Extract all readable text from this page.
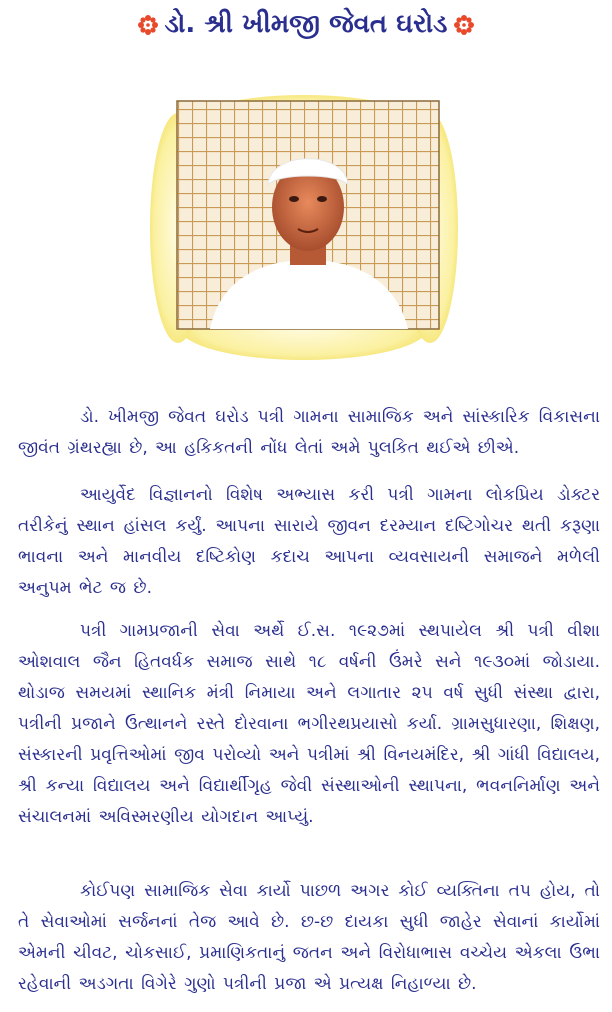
ડો. શ્રી ખીમજી જેવત ઘરોડ

ડો. ખીમજી જેવત ઘરોડ પત્રી ગામના સામાજિક અને સાંસ્કારિક વિકાસના જીવંત ગ્રંથરહ્યા છે, આ હકિકતની નોંધ લેતાં અમે પુલકિત થઈએ છીએ.

આયુર્વેદ વિજ્ઞાનનો વિશેષ અભ્યાસ કરી પત્રી ગામના લોકપ્રિય ડોક્ટર તરીકેનું સ્થાન હાંસલ કર્યું. આપના સારાયે જીવન દરમ્યાન દષ્ટિગોચર થતી કરૂણા ભાવના અને માનવીય દષ્ટિકોણ કદાચ આપના વ્યવસાયની સમાજને મળેલી અનુપમ ભેટ જ છે.

પત્રી ગામપ્રજાની સેવા અર્થે ઈ.સ. ૧૯૨૭માં સ્થપાયેલ શ્રી પત્રી વીશા ઓશવાલ જૈન હિતવર્ધક સમાજ સાથે ૧૮ વર્ષની ઉંમરે સને ૧૯૩૦માં જોડાયા. થોડાજ સમયમાં સ્થાનિક મંત્રી નિમાયા અને લગાતાર ૨૫ વર્ષ સુધી સંસ્થા દ્વારા, પત્રીની પ્રજાને ઉત્થાનને રસ્તે દોરવાના ભગીરથપ્રયાસો કર્યા. ગ્રામસુધારણા, શિક્ષણ, સંસ્કારની પ્રવૃત્તિઓમાં જીવ પરોવ્યો અને પત્રીમાં શ્રી વિનયમંદિર, શ્રી ગાંધી વિદ્યાલય, શ્રી કન્યા વિદ્યાલય અને વિદ્યાર્થીગૃહ જેવી સંસ્થાઓની સ્થાપના, ભવનનિર્માણ અને સંચાલનમાં અવિસ્મરણીય યોગદાન આપ્યું.

કોઈપણ સામાજિક સેવા કાર્યો પાછળ અગર કોઈ વ્યક્તિના તપ હોય, તો તે સેવાઓમાં સર્જનનાં તેજ આવે છે. છ-છ દાયકા સુધી જાહેર સેવાનાં કાર્યોમાં એમની ચીવટ, ચોકસાઈ, પ્રમાણિકતાનું જતન અને વિરોધાભાસ વચ્ચેય એકલા ઉભા રહેવાની અડગતા વિગેરે ગુણો પત્રીની પ્રજા એ પ્રત્યક્ષ નિહાળ્યા છે.
